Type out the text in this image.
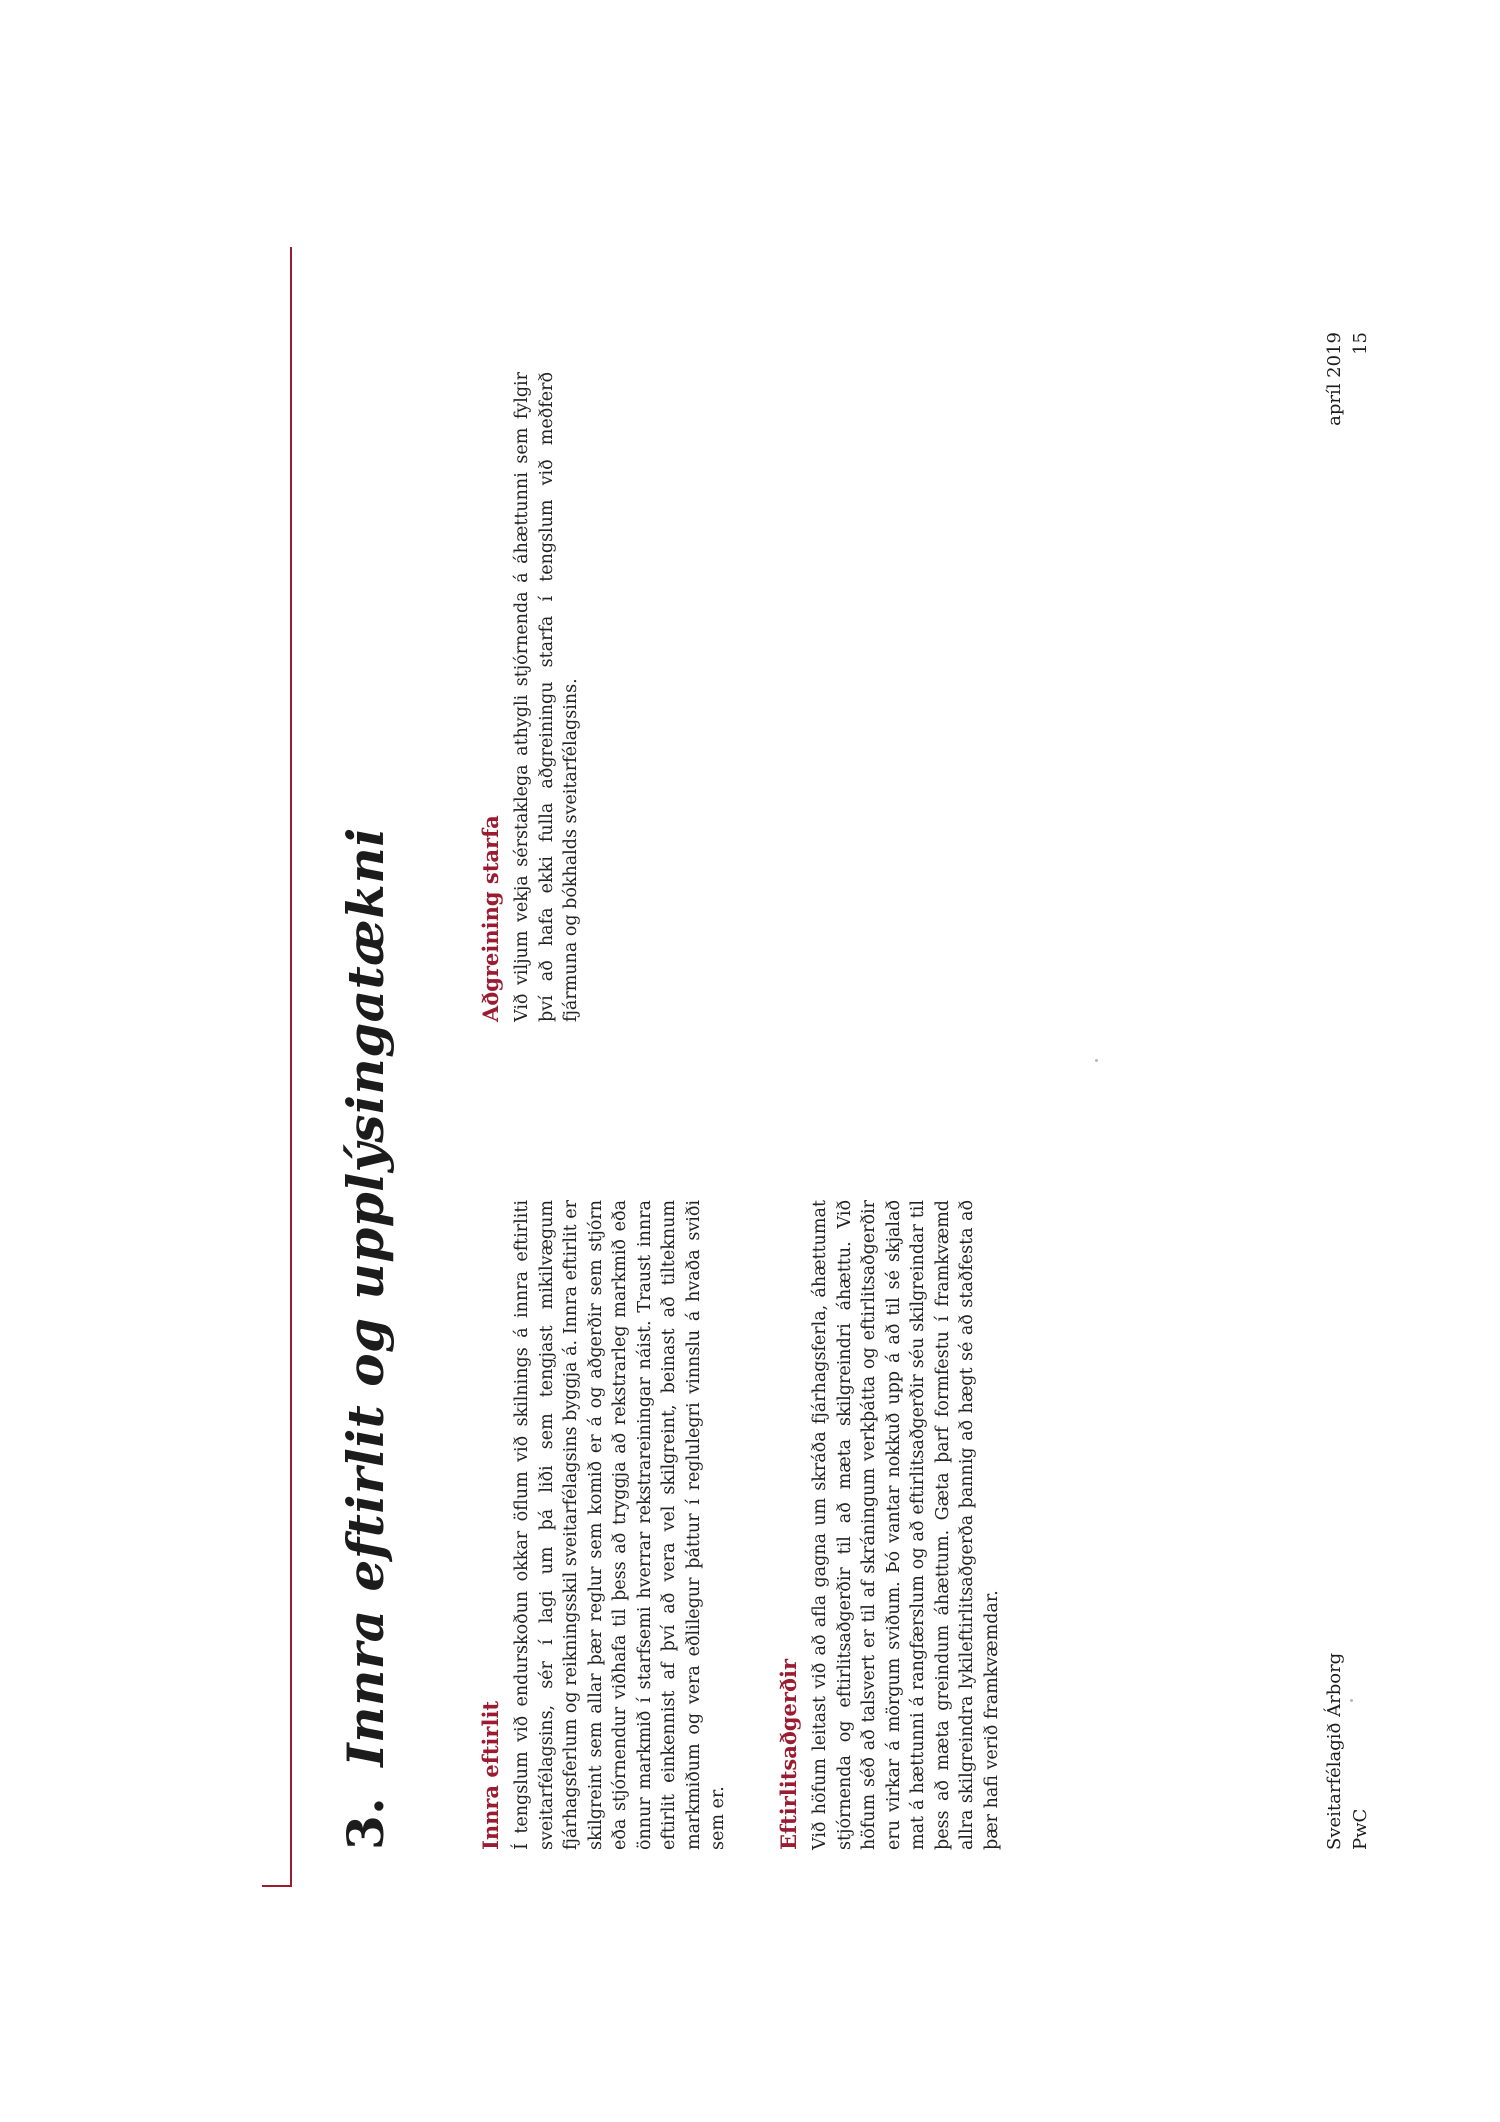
3.Innra eftirlit og upplýsingatækni
Innra eftirlit Í tengslum við endurskoðun okkar öflum við skilnings á innra eftirliti sveitarfélagsins, sér í lagi um þá liði sem tengjast mikilvægum fjárhagsferlum og reikningsskil sveitarfélagsins byggja á. Innra eftirlit er skilgreint sem allar þær reglur sem komið er á og aðgerðir sem stjórn eða stjórnendur viðhafa til þess að tryggja að rekstrarleg markmið eða önnur markmið í starfsemi hverrar rekstrareiningar náist. Traust innra eftirlit einkennist af því að vera vel skilgreint, beinast að tilteknum markmiðum og vera eðlilegur þáttur í reglulegri vinnslu á hvaða sviði sem er. Eftirlitsaðgerðir Við höfum leitast við að afla gagna um skráða fjárhagsferla, áhættumat stjórnenda og eftirlitsaðgerðir til að mæta skilgreindri áhættu. Við höfum séð að talsvert er til af skráningum verkþátta og eftirlitsaðgerðir eru virkar á mörgum sviðum. Þó vantar nokkuð upp á að til sé skjalað mat á hættunni á rangfærslum og að eftirlitsaðgerðir séu skilgreindar til þess að mæta greindum áhættum. Gæta þarf formfestu í framkvæmd allra skilgreindra lykileftirlitsaðgerða þannig að hægt sé að staðfesta að þær hafi verið framkvæmdar.

Aðgreining starfa Við viljum vekja sérstaklega athygli stjórnenda á áhættunni sem fylgir því að hafa ekki fulla aðgreiningu starfa í tengslum við meðferð fjármuna og bókhalds sveitarfélagsins.

Sveitarfélagið Árborg PwC
apríl 2019 15
